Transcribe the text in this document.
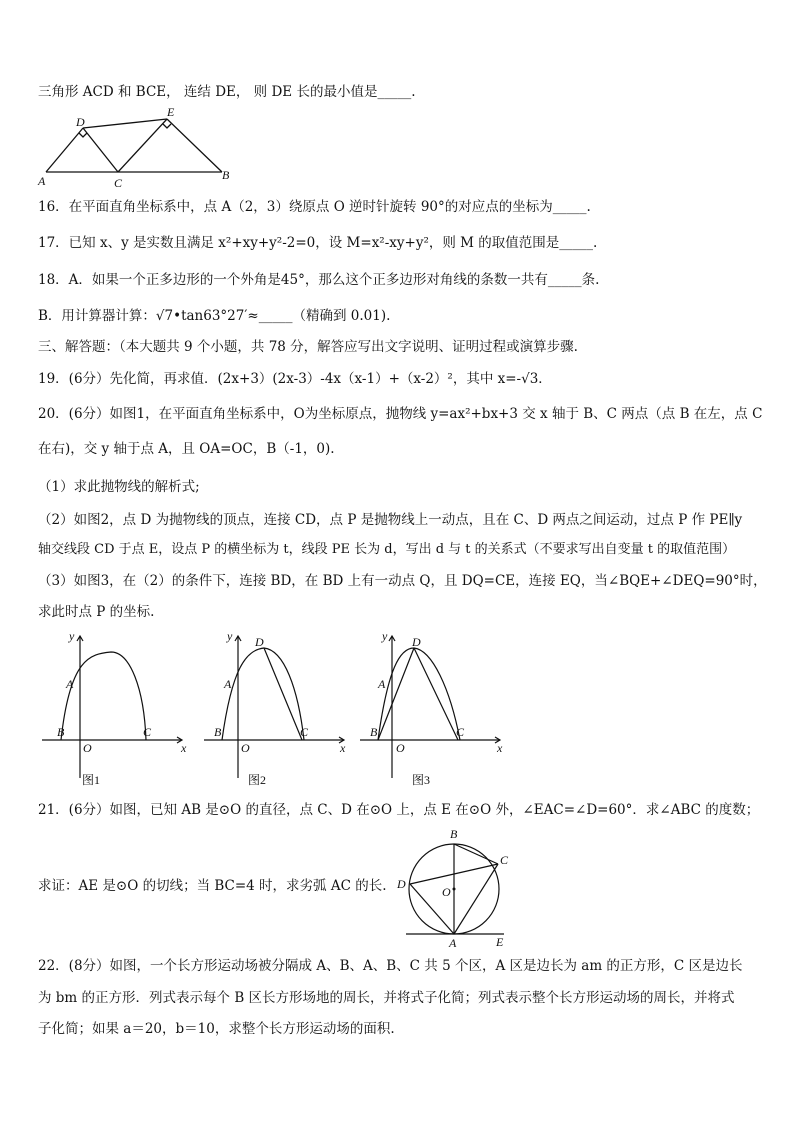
三角形 ACD 和 BCE， 连结 DE， 则 DE 长的最小值是_____.
D
E
A	C
B
16．在平面直角坐标系中，点 A（2，3）绕原点 O 逆时针旋转 90°的对应点的坐标为_____.
17．已知 x、y 是实数且满足 x²+xy+y²-2=0，设 M=x²-xy+y²，则 M 的取值范围是_____.
18．A．如果一个正多边形的一个外角是45°，那么这个正多边形对角线的条数一共有_____条.
B．用计算器计算：√7•tan63°27′≈_____（精确到 0.01).
三、解答题：（本大题共 9 个小题，共 78 分，解答应写出文字说明、证明过程或演算步骤.
19．(6分）先化简，再求值．(2x+3）(2x-3）-4x（x-1）+（x-2）²，其中 x=-√3．
20．(6分）如图1，在平面直角坐标系中，O为坐标原点，抛物线 y=ax²+bx+3 交 x 轴于 B、C 两点（点 B 在左，点 C
在右)，交 y 轴于点 A，且 OA=OC，B（-1，0).
（1）求此抛物线的解析式;
（2）如图2，点 D 为抛物线的顶点，连接 CD，点 P 是抛物线上一动点，且在 C、D 两点之间运动，过点 P 作 PE∥y
轴交线段 CD 于点 E，设点 P 的横坐标为 t，线段 PE 长为 d，写出 d 与 t 的关系式（不要求写出自变量 t 的取值范围）
（3）如图3，在（2）的条件下，连接 BD，在 BD 上有一动点 Q，且 DQ=CE，连接 EQ，当∠BQE+∠DEQ=90°时，
求此时点 P 的坐标.
y
A
B	C
O	x
图1
y D
A
B	C
O	x
图2
y D
A
B	C
O	x
图3
21．(6分）如图，已知 AB 是⊙O 的直径，点 C、D 在⊙O 上，点 E 在⊙O 外，∠EAC=∠D=60°．求∠ABC 的度数；
B
C
D
O
A	E
求证：AE 是⊙O 的切线；当 BC=4 时，求劣弧 AC 的长.
22．(8分）如图，一个长方形运动场被分隔成 A、B、A、B、C 共 5 个区，A 区是边长为 am 的正方形，C 区是边长
为 bm 的正方形．列式表示每个 B 区长方形场地的周长，并将式子化简；列式表示整个长方形运动场的周长，并将式
子化简；如果 a＝20，b＝10，求整个长方形运动场的面积.
